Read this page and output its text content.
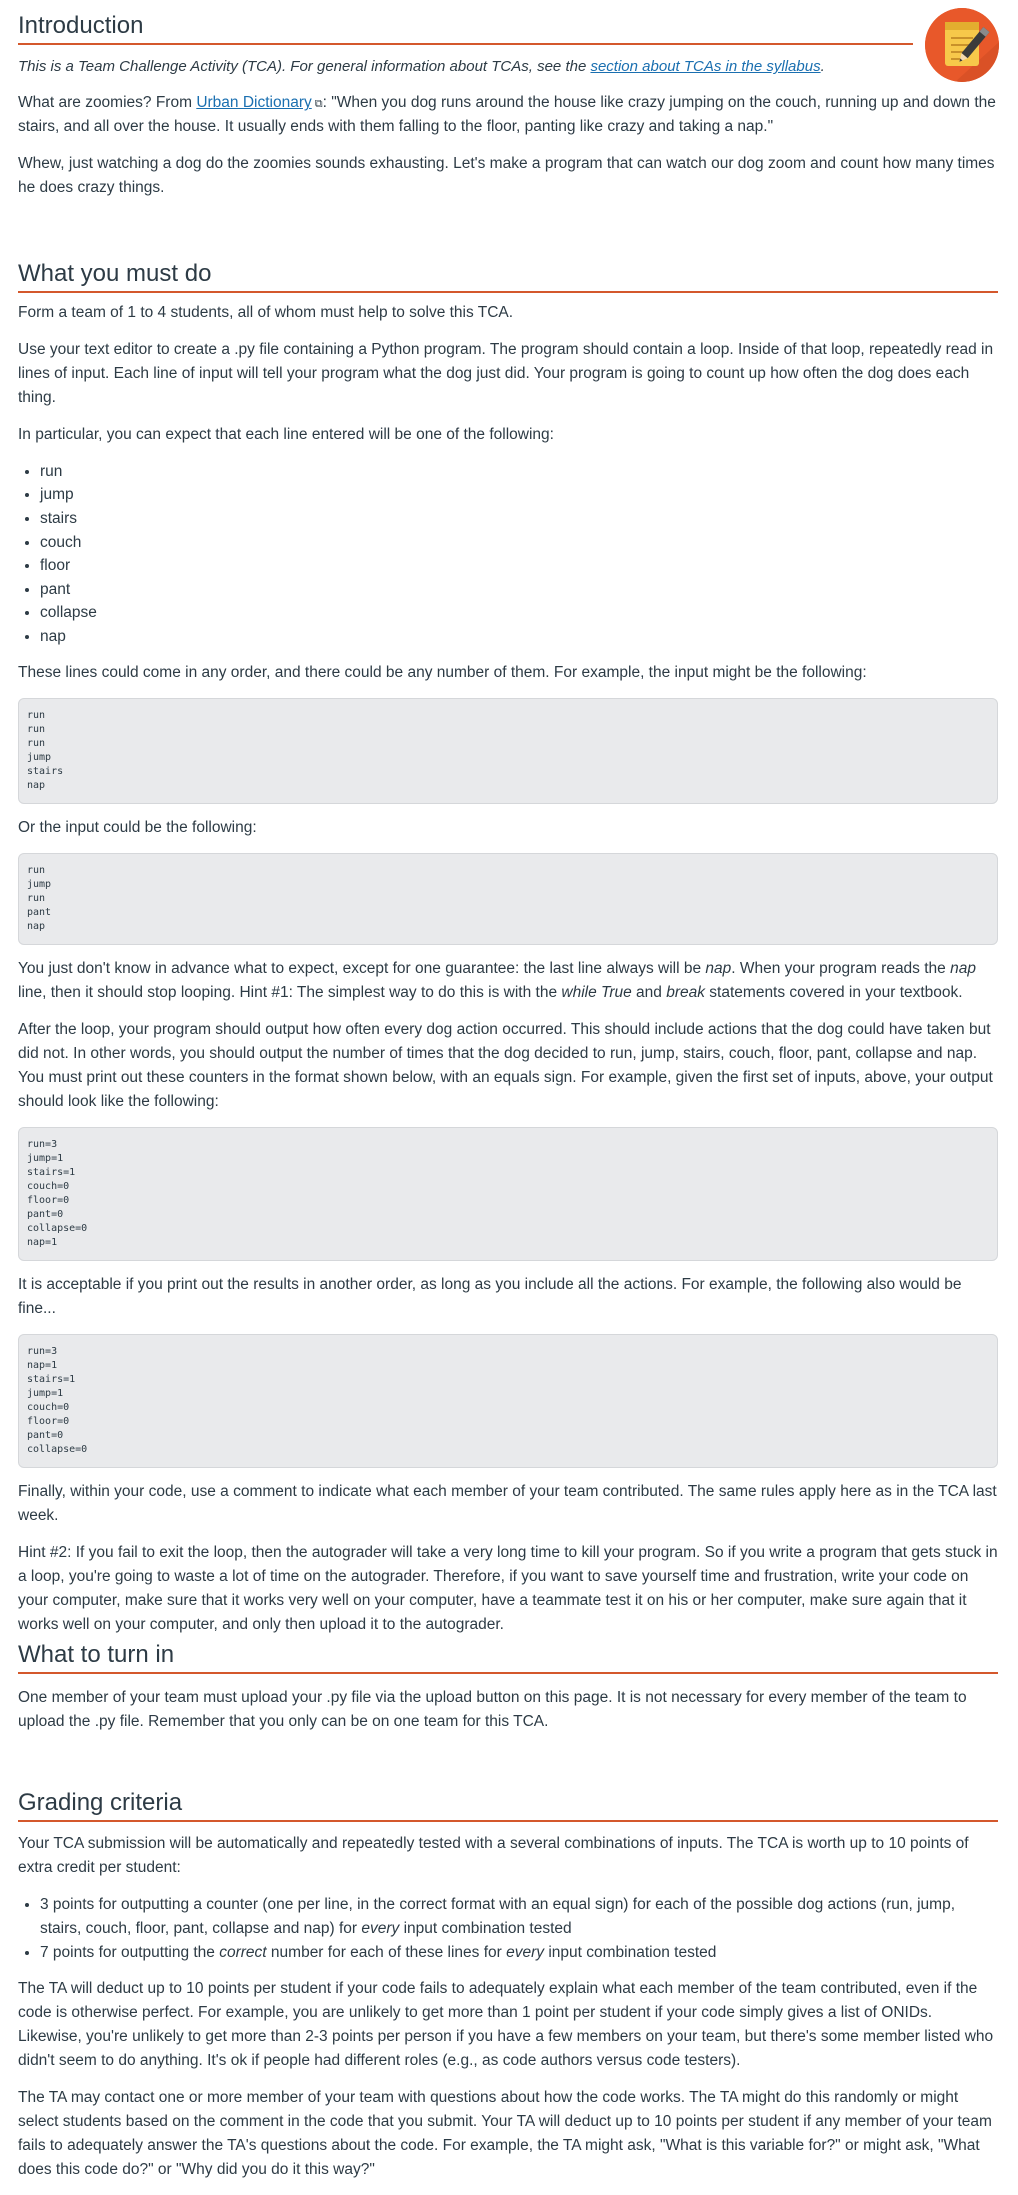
Introduction

This is a Team Challenge Activity (TCA). For general information about TCAs, see the section about TCAs in the syllabus.

What are zoomies? From Urban Dictionary ⧉: "When you dog runs around the house like crazy jumping on the couch, running up and down the stairs, and all over the house. It usually ends with them falling to the floor, panting like crazy and taking a nap."

Whew, just watching a dog do the zoomies sounds exhausting. Let's make a program that can watch our dog zoom and count how many times he does crazy things.

What you must do

Form a team of 1 to 4 students, all of whom must help to solve this TCA.

Use your text editor to create a .py file containing a Python program. The program should contain a loop. Inside of that loop, repeatedly read in lines of input. Each line of input will tell your program what the dog just did. Your program is going to count up how often the dog does each thing.

In particular, you can expect that each line entered will be one of the following:

• run
• jump
• stairs
• couch
• floor
• pant
• collapse
• nap

These lines could come in any order, and there could be any number of them. For example, the input might be the following:

run
run
run
jump
stairs
nap

Or the input could be the following:

run
jump
run
pant
nap

You just don't know in advance what to expect, except for one guarantee: the last line always will be nap. When your program reads the nap line, then it should stop looping. Hint #1: The simplest way to do this is with the while True and break statements covered in your textbook.

After the loop, your program should output how often every dog action occurred. This should include actions that the dog could have taken but did not. In other words, you should output the number of times that the dog decided to run, jump, stairs, couch, floor, pant, collapse and nap. You must print out these counters in the format shown below, with an equals sign. For example, given the first set of inputs, above, your output should look like the following:

run=3
jump=1
stairs=1
couch=0
floor=0
pant=0
collapse=0
nap=1

It is acceptable if you print out the results in another order, as long as you include all the actions. For example, the following also would be fine...

run=3
nap=1
stairs=1
jump=1
couch=0
floor=0
pant=0
collapse=0

Finally, within your code, use a comment to indicate what each member of your team contributed. The same rules apply here as in the TCA last week.

Hint #2: If you fail to exit the loop, then the autograder will take a very long time to kill your program. So if you write a program that gets stuck in a loop, you're going to waste a lot of time on the autograder. Therefore, if you want to save yourself time and frustration, write your code on your computer, make sure that it works very well on your computer, have a teammate test it on his or her computer, make sure again that it works well on your computer, and only then upload it to the autograder.

What to turn in

One member of your team must upload your .py file via the upload button on this page. It is not necessary for every member of the team to upload the .py file. Remember that you only can be on one team for this TCA.

Grading criteria

Your TCA submission will be automatically and repeatedly tested with a several combinations of inputs. The TCA is worth up to 10 points of extra credit per student:

• 3 points for outputting a counter (one per line, in the correct format with an equal sign) for each of the possible dog actions (run, jump, stairs, couch, floor, pant, collapse and nap) for every input combination tested
• 7 points for outputting the correct number for each of these lines for every input combination tested

The TA will deduct up to 10 points per student if your code fails to adequately explain what each member of the team contributed, even if the code is otherwise perfect. For example, you are unlikely to get more than 1 point per student if your code simply gives a list of ONIDs. Likewise, you're unlikely to get more than 2-3 points per person if you have a few members on your team, but there's some member listed who didn't seem to do anything. It's ok if people had different roles (e.g., as code authors versus code testers).

The TA may contact one or more member of your team with questions about how the code works. The TA might do this randomly or might select students based on the comment in the code that you submit. Your TA will deduct up to 10 points per student if any member of your team fails to adequately answer the TA's questions about the code. For example, the TA might ask, "What is this variable for?" or might ask, "What does this code do?" or "Why did you do it this way?"
